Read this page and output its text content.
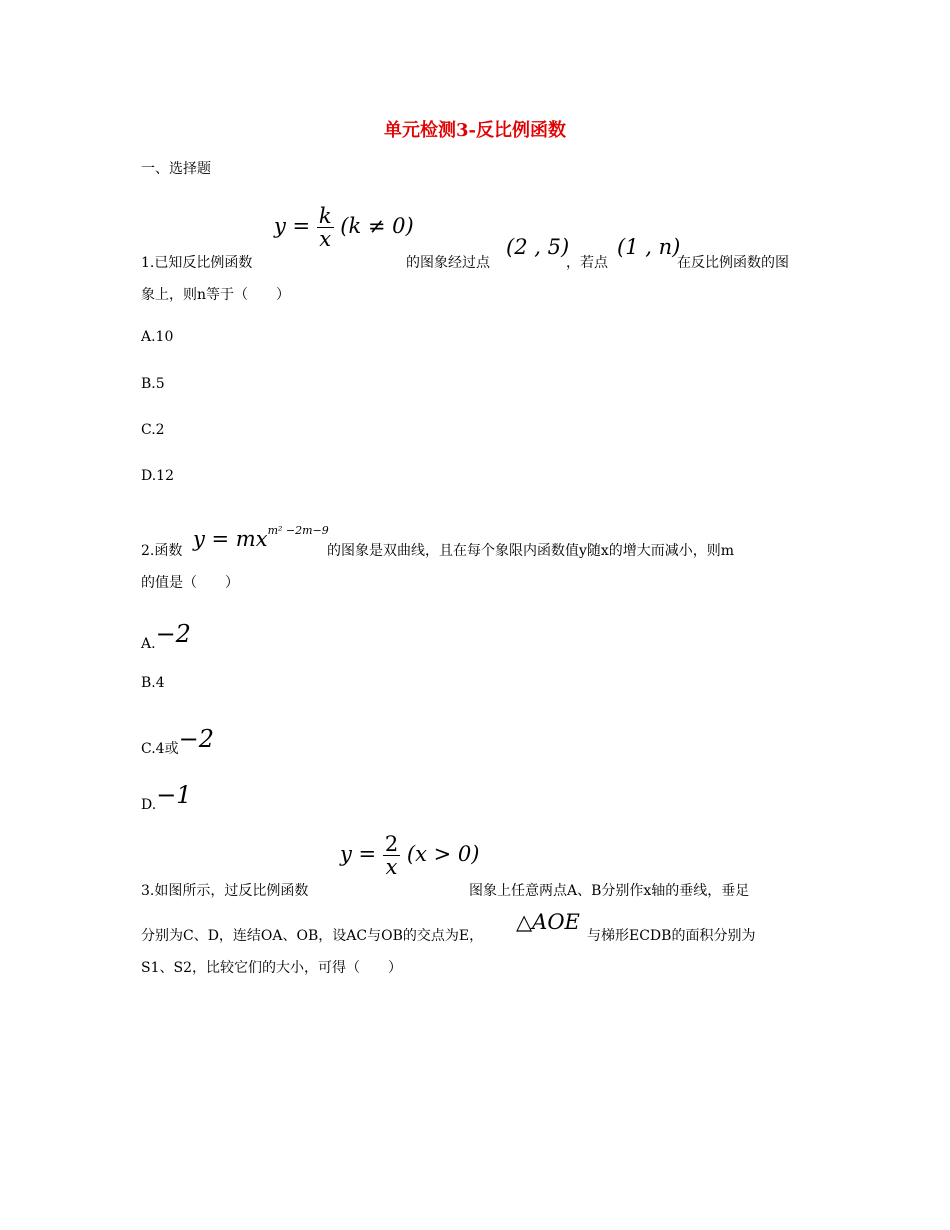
单元检测3-反比例函数
一、选择题
1.已知反比例函数
$y = \frac{k}{x} (k \ne 0)$
的图象经过点
(2 , 5)
，若点
(1 , n)
在反比例函数的图
象上，则n等于（　　）
A.10
B.5
C.2
D.12
2.函数 $y = mx^{m^2 -2m-9}$
的图象是双曲线，且在每个象限内函数值y随x的增大而减小，则m
的值是（　　）
A.−2
B.4
C.4或−2
D.−1
3.如图所示，过反比例函数
$y = \frac{2}{x} (x > 0)$
图象上任意两点A、B分别作x轴的垂线，垂足
分别为C、D，连结OA、OB，设AC与OB的交点为E，
△AOE
与梯形ECDB的面积分别为
S1、S2，比较它们的大小，可得（　　）
